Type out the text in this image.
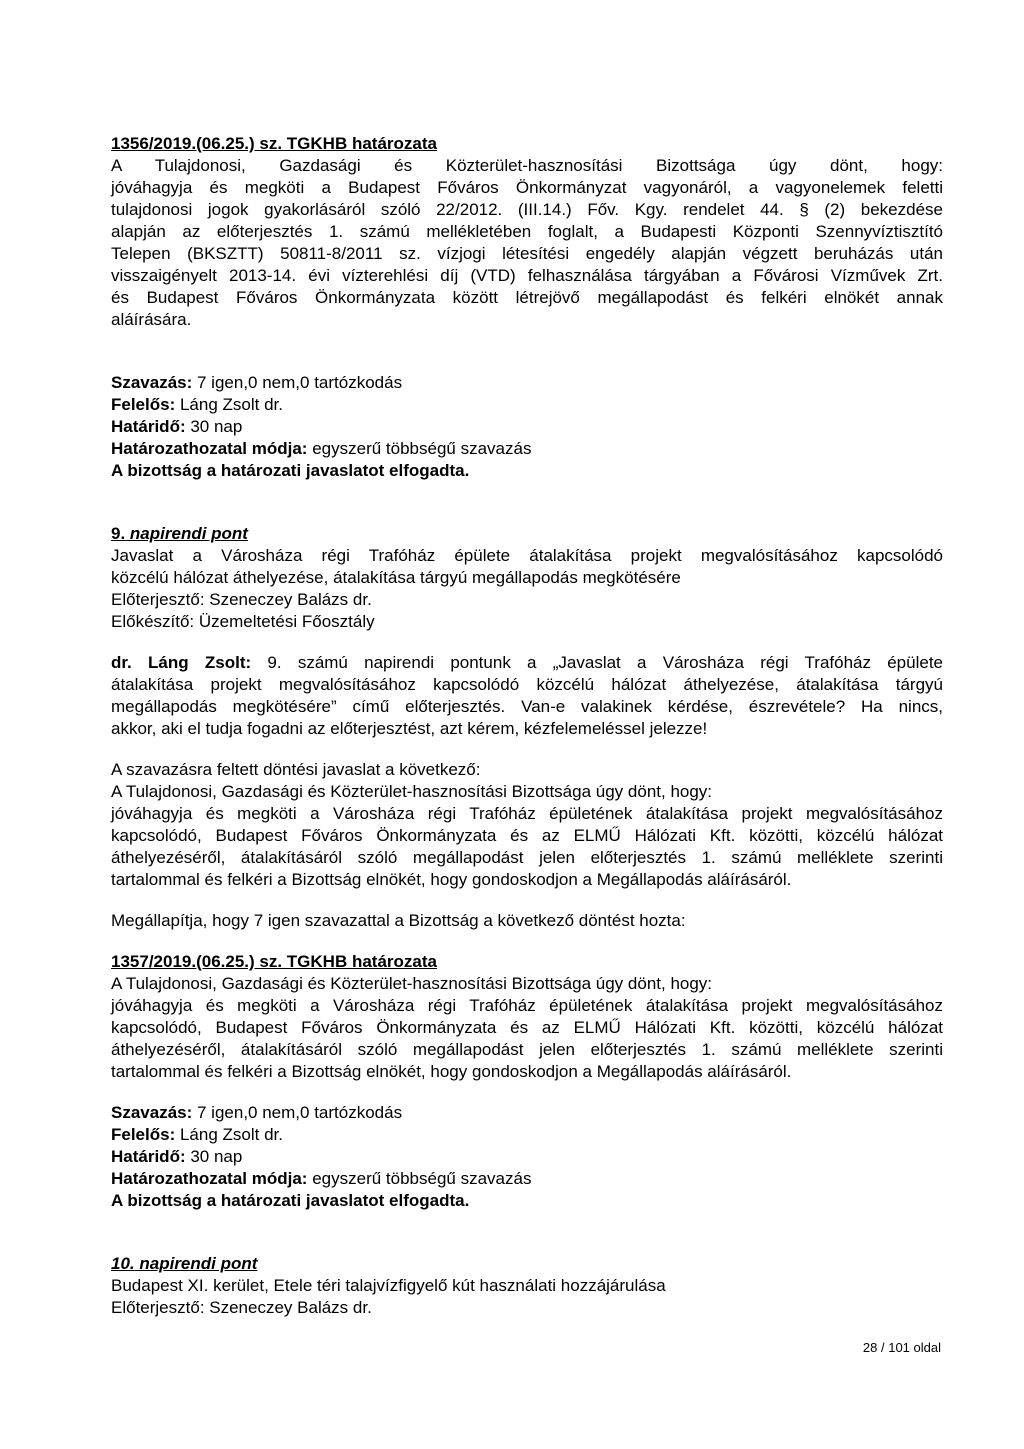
1356/2019.(06.25.) sz. TGKHB határozata

A Tulajdonosi, Gazdasági és Közterület-hasznosítási Bizottsága úgy dönt, hogy:
jóváhagyja és megköti a Budapest Főváros Önkormányzat vagyonáról, a vagyonelemek feletti
tulajdonosi jogok gyakorlásáról szóló 22/2012. (III.14.) Főv. Kgy. rendelet 44. § (2) bekezdése
alapján az előterjesztés 1. számú mellékletében foglalt, a Budapesti Központi Szennyvíztisztító
Telepen (BKSZTT) 50811-8/2011 sz. vízjogi létesítési engedély alapján végzett beruházás után
visszaigényelt 2013-14. évi vízterehlési díj (VTD) felhasználása tárgyában a Fővárosi Vízművek Zrt.
és Budapest Főváros Önkormányzata között létrejövő megállapodást és felkéri elnökét annak
aláírására.

Szavazás: 7 igen,0 nem,0 tartózkodás

Felelős: Láng Zsolt dr.

Határidő: 30 nap

Határozathozatal módja: egyszerű többségű szavazás

A bizottság a határozati javaslatot elfogadta.

9. napirendi pont

Javaslat a Városháza régi Trafóház épülete átalakítása projekt megvalósításához kapcsolódó
közcélú hálózat áthelyezése, átalakítása tárgyú megállapodás megkötésére

Előterjesztő: Szeneczey Balázs dr.

Előkészítő: Üzemeltetési Főosztály

dr. Láng Zsolt: 9. számú napirendi pontunk a „Javaslat a Városháza régi Trafóház épülete
átalakítása projekt megvalósításához kapcsolódó közcélú hálózat áthelyezése, átalakítása tárgyú
megállapodás megkötésére” című előterjesztés. Van-e valakinek kérdése, észrevétele? Ha nincs,
akkor, aki el tudja fogadni az előterjesztést, azt kérem, kézfelemeléssel jelezze!

A szavazásra feltett döntési javaslat a következő:

A Tulajdonosi, Gazdasági és Közterület-hasznosítási Bizottsága úgy dönt, hogy:

jóváhagyja és megköti a Városháza régi Trafóház épületének átalakítása projekt megvalósításához
kapcsolódó, Budapest Főváros Önkormányzata és az ELMŰ Hálózati Kft. közötti, közcélú hálózat
áthelyezéséről, átalakításáról szóló megállapodást jelen előterjesztés 1. számú melléklete szerinti
tartalommal és felkéri a Bizottság elnökét, hogy gondoskodjon a Megállapodás aláírásáról.

Megállapítja, hogy 7 igen szavazattal a Bizottság a következő döntést hozta:

1357/2019.(06.25.) sz. TGKHB határozata

A Tulajdonosi, Gazdasági és Közterület-hasznosítási Bizottsága úgy dönt, hogy:

jóváhagyja és megköti a Városháza régi Trafóház épületének átalakítása projekt megvalósításához
kapcsolódó, Budapest Főváros Önkormányzata és az ELMŰ Hálózati Kft. közötti, közcélú hálózat
áthelyezéséről, átalakításáról szóló megállapodást jelen előterjesztés 1. számú melléklete szerinti
tartalommal és felkéri a Bizottság elnökét, hogy gondoskodjon a Megállapodás aláírásáról.

Szavazás: 7 igen,0 nem,0 tartózkodás

Felelős: Láng Zsolt dr.

Határidő: 30 nap

Határozathozatal módja: egyszerű többségű szavazás

A bizottság a határozati javaslatot elfogadta.

10. napirendi pont

Budapest XI. kerület, Etele téri talajvízfigyelő kút használati hozzájárulása

Előterjesztő: Szeneczey Balázs dr.

28 / 101 oldal
